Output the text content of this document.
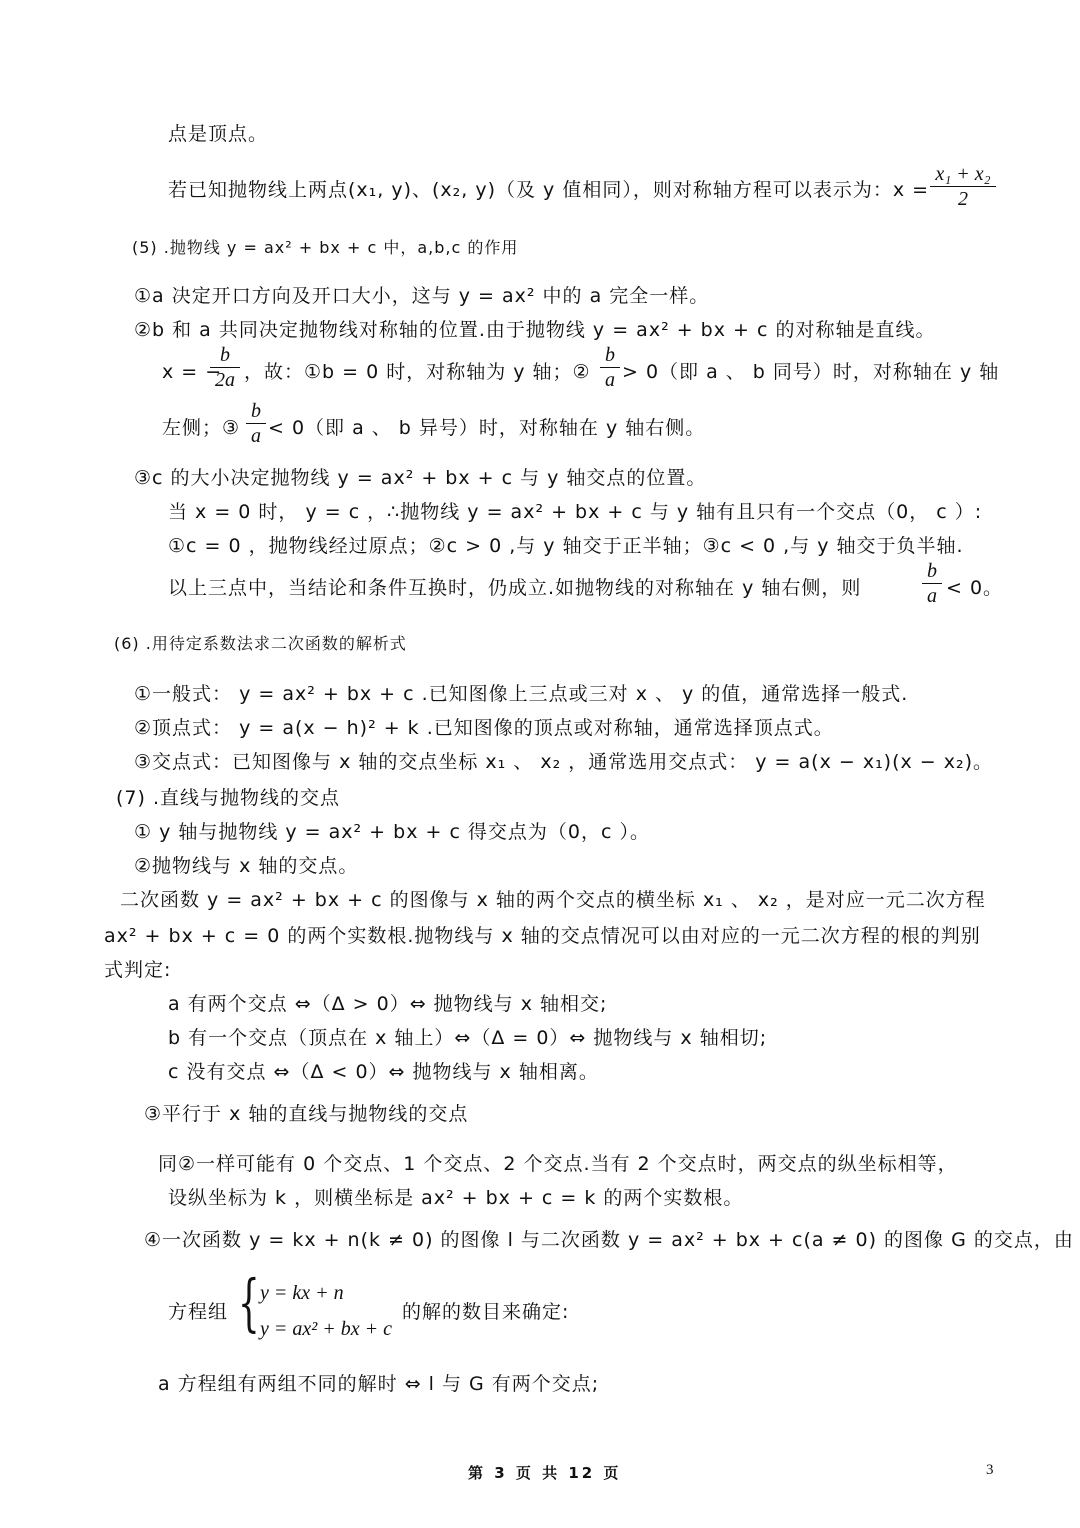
点是顶点。
若已知抛物线上两点(x₁, y)、(x₂, y)（及 y 值相同），则对称轴方程可以表示为：$x = \frac{\text{x₁ + x₂}}{2}$
(5) .抛物线 y = ax² + bx + c 中，a,b,c 的作用
①a 决定开口方向及开口大小，这与 y = ax² 中的 a 完全一样。
②b 和 a 共同决定抛物线对称轴的位置.由于抛物线 y = ax² + bx + c 的对称轴是直线。
x = −
$\frac{b}{2a}$ ，故：①b = 0 时，对称轴为 y 轴；② $\frac{b}{a} > 0$（即 a 、 b 同号）时，对称轴在 y 轴
左侧；③ $\frac{b}{a} < 0$（即 a 、 b 异号）时，对称轴在 y 轴右侧。
③c 的大小决定抛物线 y = ax² + bx + c 与 y 轴交点的位置。
当 x = 0 时， y = c ，∴抛物线 y = ax² + bx + c 与 y 轴有且只有一个交点（0， c ）:
①c = 0 ，抛物线经过原点；②c > 0 ,与 y 轴交于正半轴；③c < 0 ,与 y 轴交于负半轴.
以上三点中，当结论和条件互换时，仍成立.如抛物线的对称轴在 y 轴右侧，则	$\frac{b}{a} < 0$。
(6) .用待定系数法求二次函数的解析式
①一般式： y = ax² + bx + c .已知图像上三点或三对 x 、 y 的值，通常选择一般式.
②顶点式： y = a(x − h)² + k .已知图像的顶点或对称轴，通常选择顶点式。
③交点式：已知图像与 x 轴的交点坐标 x₁ 、 x₂ ，通常选用交点式： y = a(x − x₁)(x − x₂)。
(7) .直线与抛物线的交点
① y 轴与抛物线 y = ax² + bx + c 得交点为（0，c ）。
②抛物线与 x 轴的交点。
二次函数 y = ax² + bx + c 的图像与 x 轴的两个交点的横坐标 x₁ 、 x₂ ，是对应一元二次方程
ax² + bx + c = 0 的两个实数根.抛物线与 x 轴的交点情况可以由对应的一元二次方程的根的判别
式判定:
a 有两个交点 ⇔（Δ > 0）⇔ 抛物线与 x 轴相交;
b 有一个交点（顶点在 x 轴上）⇔（Δ = 0）⇔ 抛物线与 x 轴相切;
c 没有交点 ⇔（Δ < 0）⇔ 抛物线与 x 轴相离。
③平行于 x 轴的直线与抛物线的交点
同②一样可能有 0 个交点、1 个交点、2 个交点.当有 2 个交点时，两交点的纵坐标相等，
设纵坐标为 k ，则横坐标是 ax² + bx + c = k 的两个实数根。
④一次函数 y = kx + n(k ≠ 0) 的图像 l 与二次函数 y = ax² + bx + c(a ≠ 0) 的图像 G 的交点，由
方程组 { y = kx + n
y = ax² + bx + c
的解的数目来确定:
a 方程组有两组不同的解时 ⇔ l 与 G 有两个交点;
第 3 页 共 12 页	3
